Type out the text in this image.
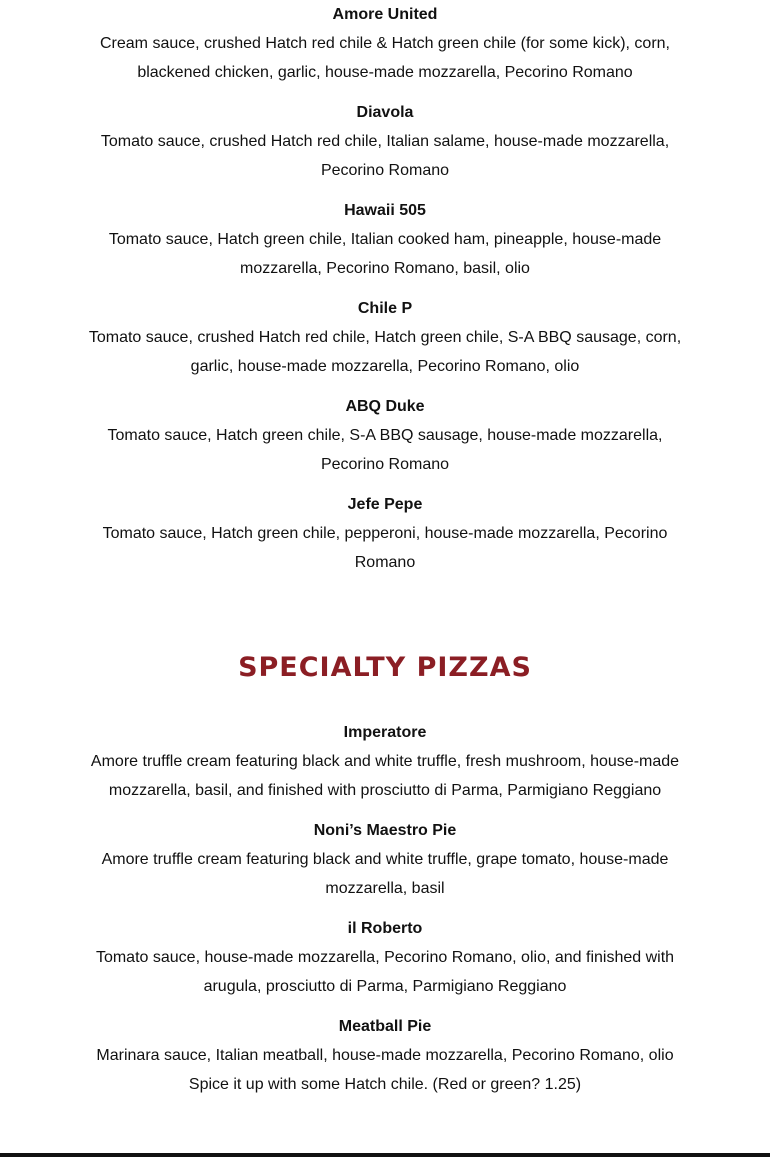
Amore United
Cream sauce, crushed Hatch red chile & Hatch green chile (for some kick), corn, blackened chicken, garlic, house-made mozzarella, Pecorino Romano
Diavola
Tomato sauce, crushed Hatch red chile, Italian salame, house-made mozzarella, Pecorino Romano
Hawaii 505
Tomato sauce, Hatch green chile, Italian cooked ham, pineapple, house-made mozzarella, Pecorino Romano, basil, olio
Chile P
Tomato sauce, crushed Hatch red chile, Hatch green chile, S-A BBQ sausage, corn, garlic, house-made mozzarella, Pecorino Romano, olio
ABQ Duke
Tomato sauce, Hatch green chile, S-A BBQ sausage, house-made mozzarella, Pecorino Romano
Jefe Pepe
Tomato sauce, Hatch green chile, pepperoni, house-made mozzarella, Pecorino Romano
SPECIALTY PIZZAS
Imperatore
Amore truffle cream featuring black and white truffle, fresh mushroom, house-made mozzarella, basil, and finished with prosciutto di Parma, Parmigiano Reggiano
Noni’s Maestro Pie
Amore truffle cream featuring black and white truffle, grape tomato, house-made mozzarella, basil
il Roberto
Tomato sauce, house-made mozzarella, Pecorino Romano, olio, and finished with arugula, prosciutto di Parma, Parmigiano Reggiano
Meatball Pie
Marinara sauce, Italian meatball, house-made mozzarella, Pecorino Romano, olio
Spice it up with some Hatch chile. (Red or green? 1.25)
